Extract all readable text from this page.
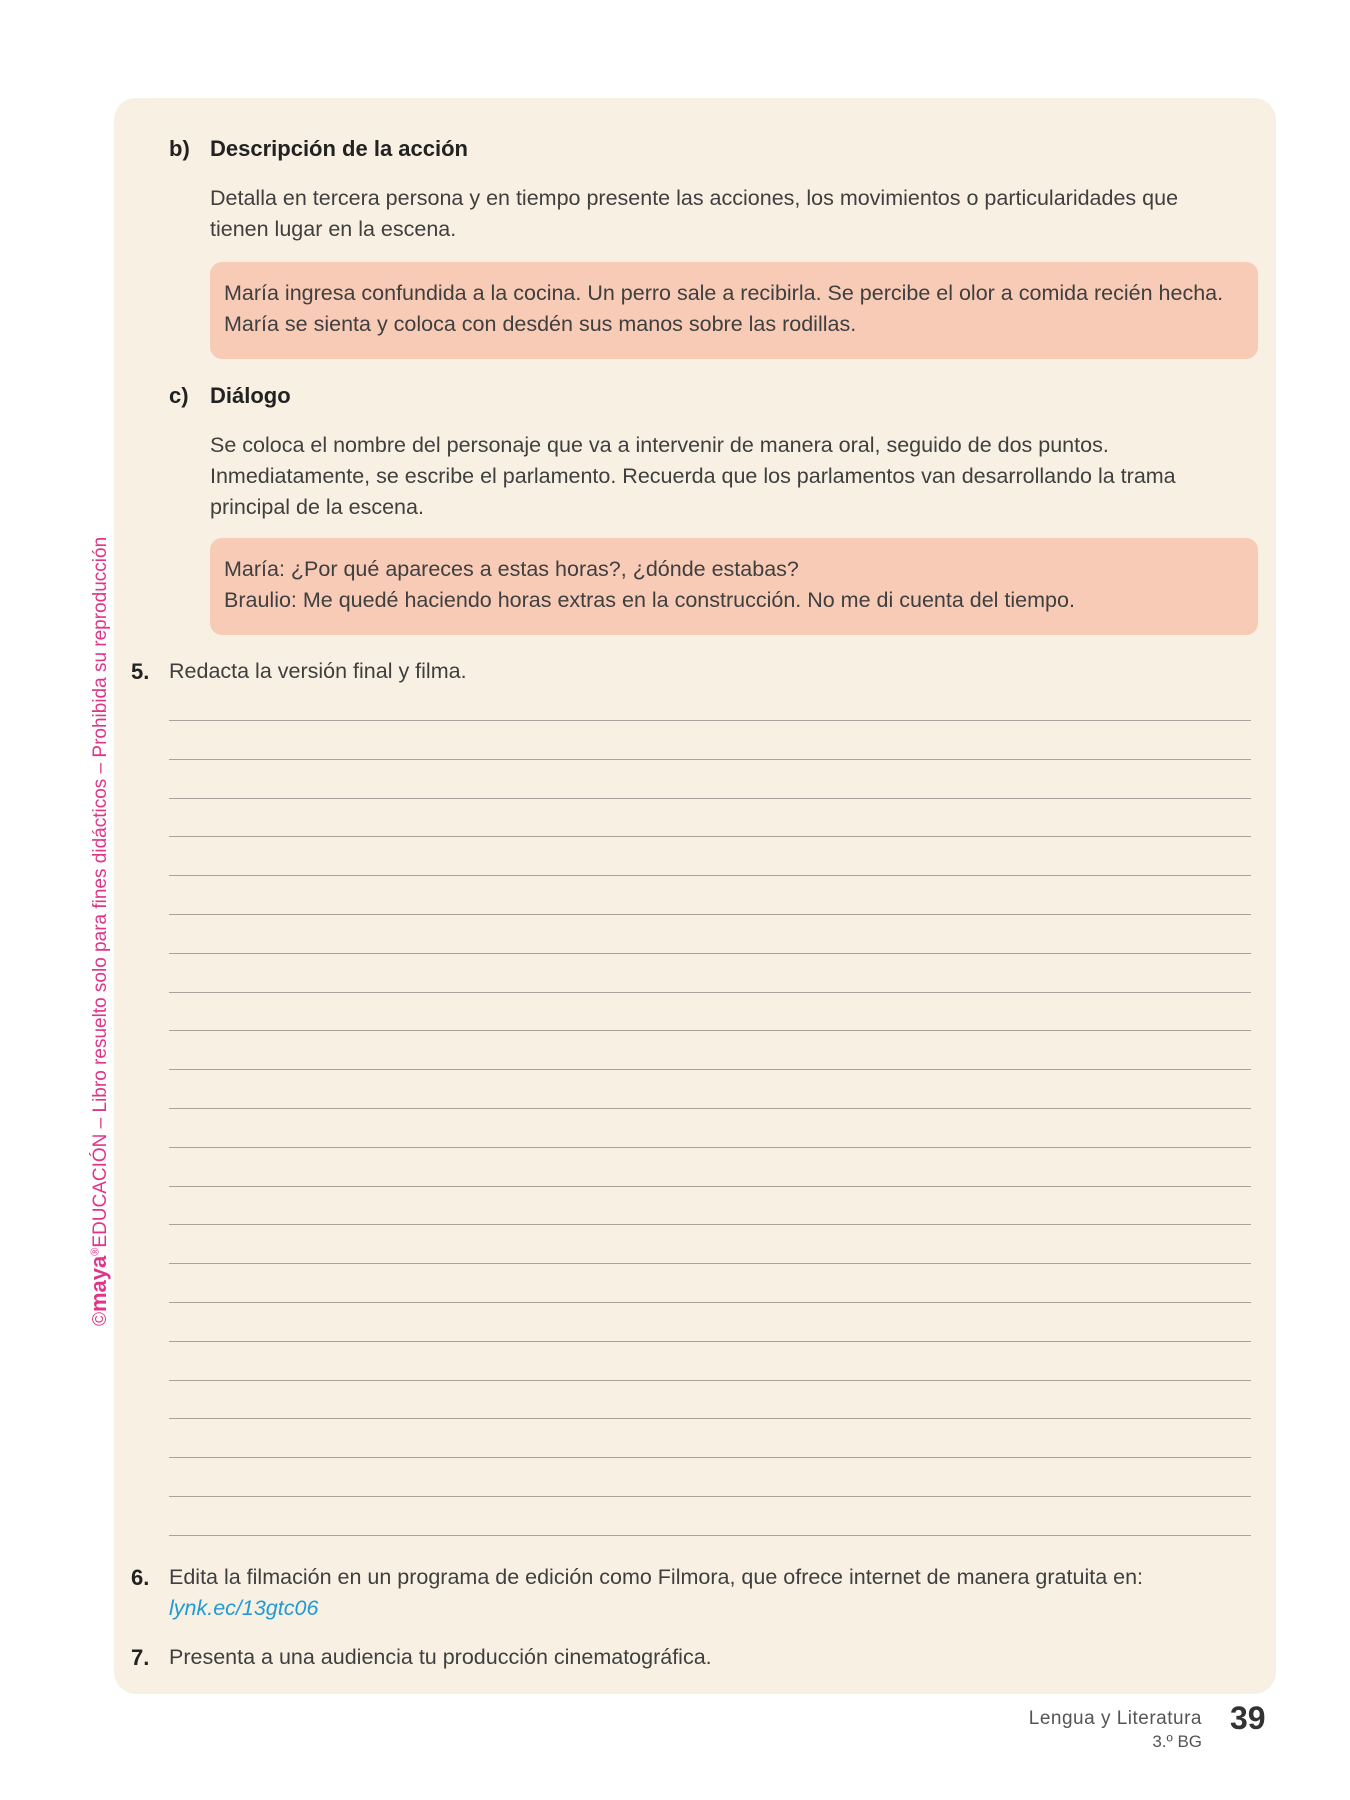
b) Descripción de la acción
Detalla en tercera persona y en tiempo presente las acciones, los movimientos o particularidades que
tienen lugar en la escena.
María ingresa confundida a la cocina. Un perro sale a recibirla. Se percibe el olor a comida recién hecha.
María se sienta y coloca con desdén sus manos sobre las rodillas.
c) Diálogo
Se coloca el nombre del personaje que va a intervenir de manera oral, seguido de dos puntos.
Inmediatamente, se escribe el parlamento. Recuerda que los parlamentos van desarrollando la trama
principal de la escena.
María: ¿Por qué apareces a estas horas?, ¿dónde estabas?
Braulio: Me quedé haciendo horas extras en la construcción. No me di cuenta del tiempo.
5. Redacta la versión final y filma.
6. Edita la filmación en un programa de edición como Filmora, que ofrece internet de manera gratuita en:
lynk.ec/13gtc06
7. Presenta a una audiencia tu producción cinematográfica.
©maya®EDUCACIÓN – Libro resuelto solo para fines didácticos – Prohibida su reproducción
Lengua y Literatura
3.º BG
39
